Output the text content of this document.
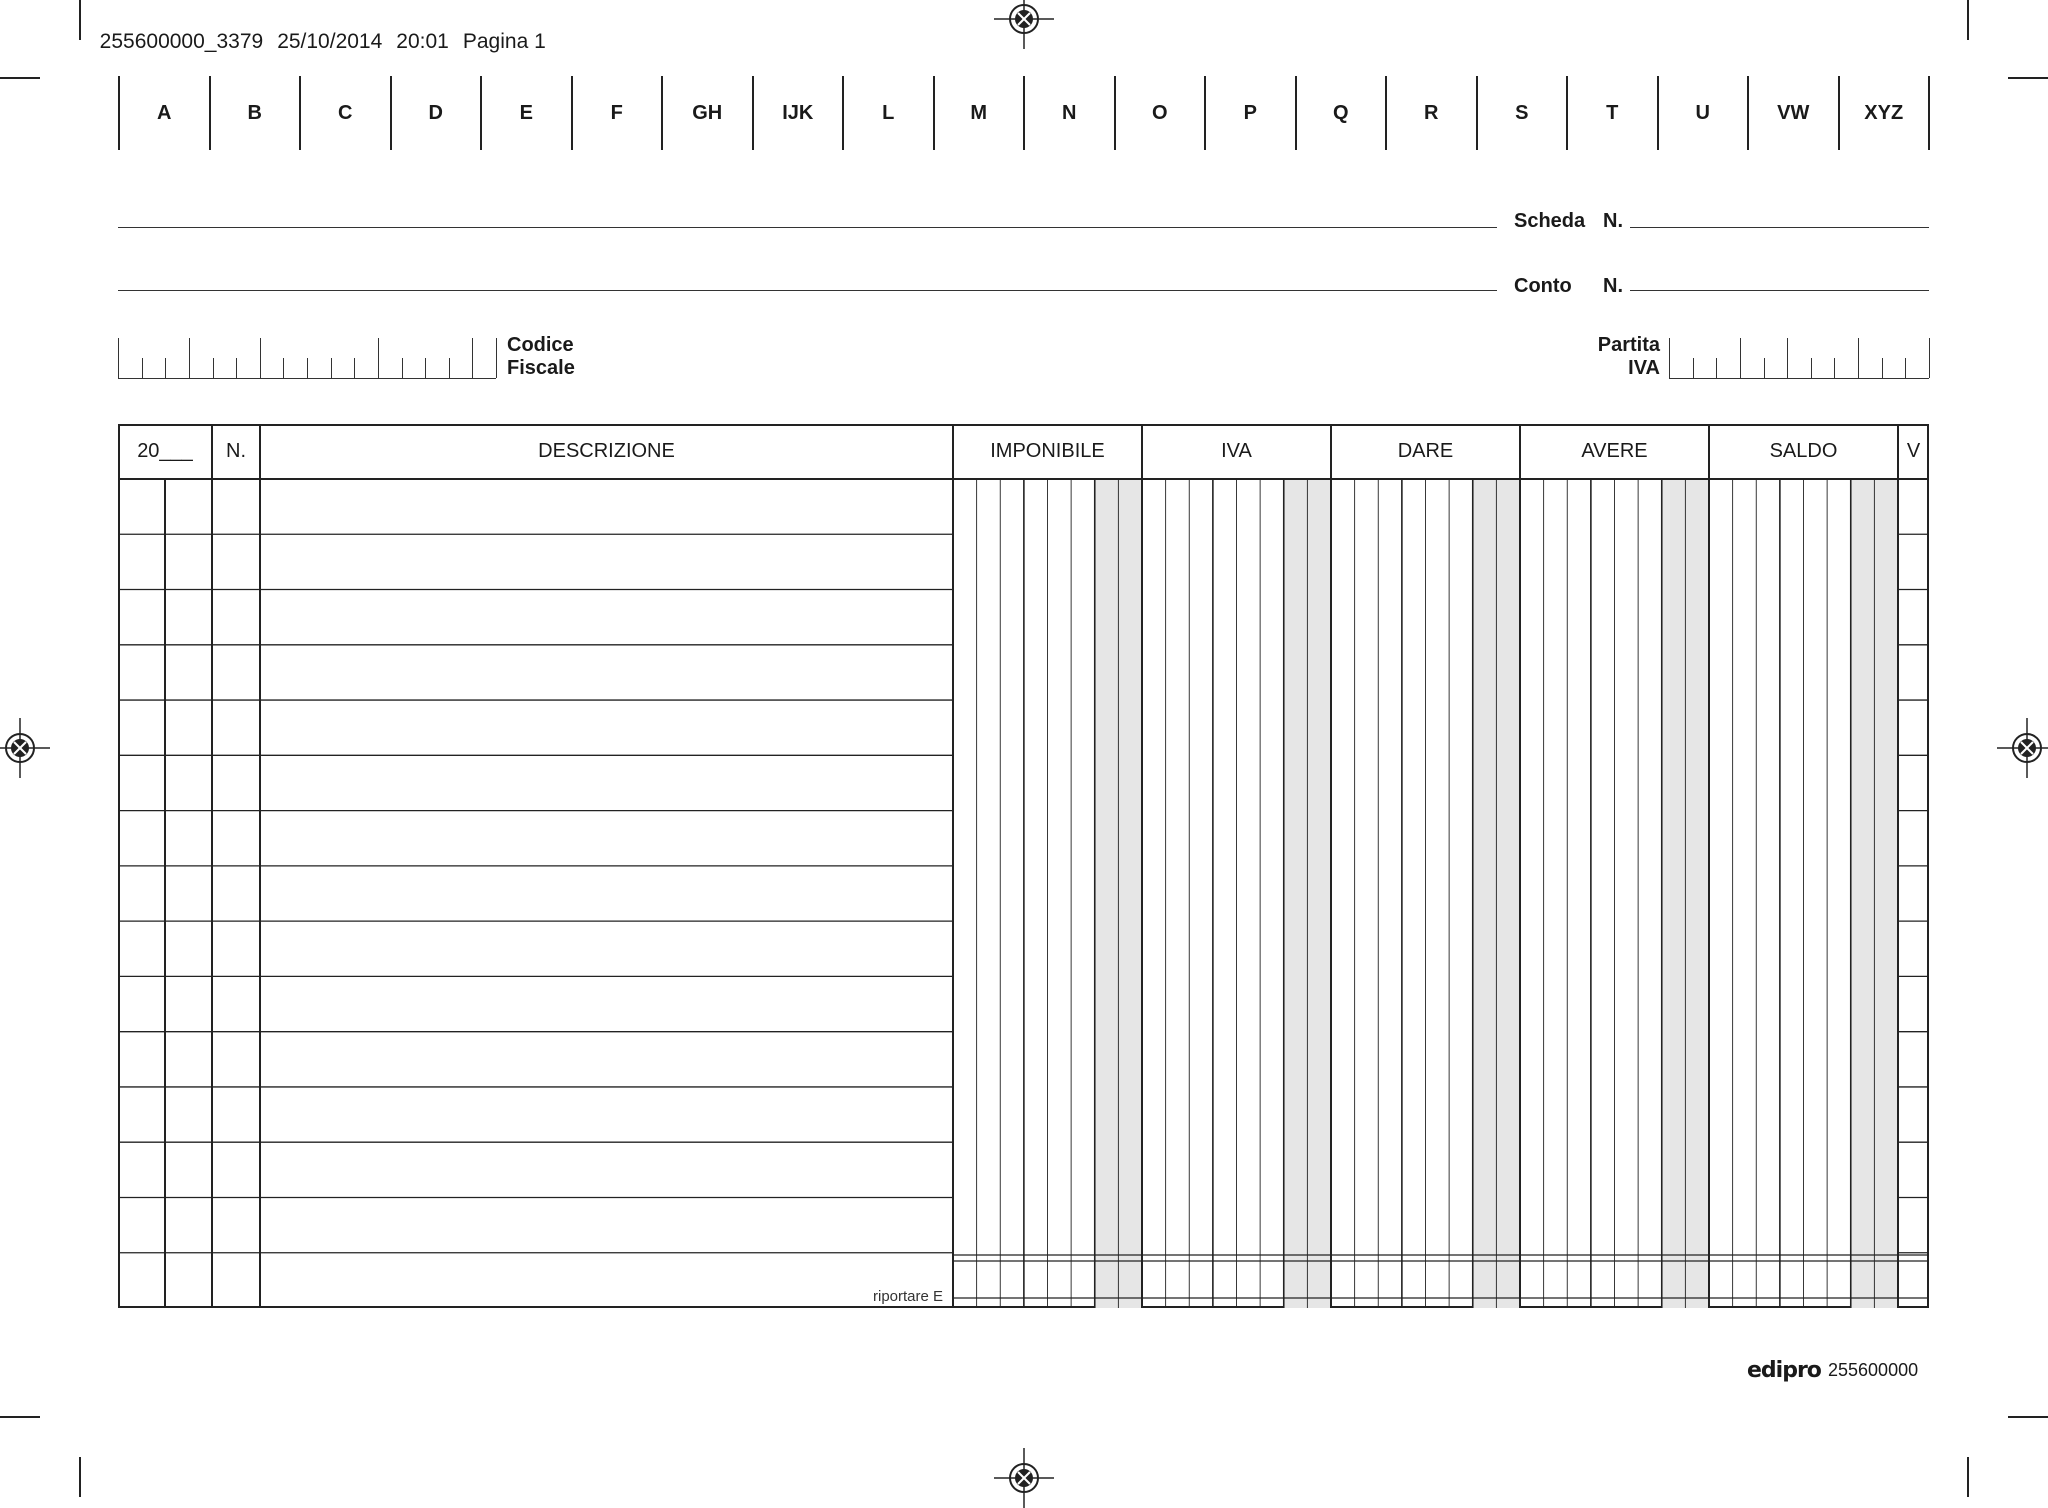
255600000_3379 25/10/2014 20:01 Pagina 1

A	B	C	D	E	F	GH	IJK	L	M	N	O	P	Q	R	S	T	U	VW	XYZ
Scheda N.
Conto N.
Codice
Fiscale
Partita
IVA
20___	N.	DESCRIZIONE	IMPONIBILE	IVA	DARE	AVERE	SALDO	V
riportare E
edipro 255600000
